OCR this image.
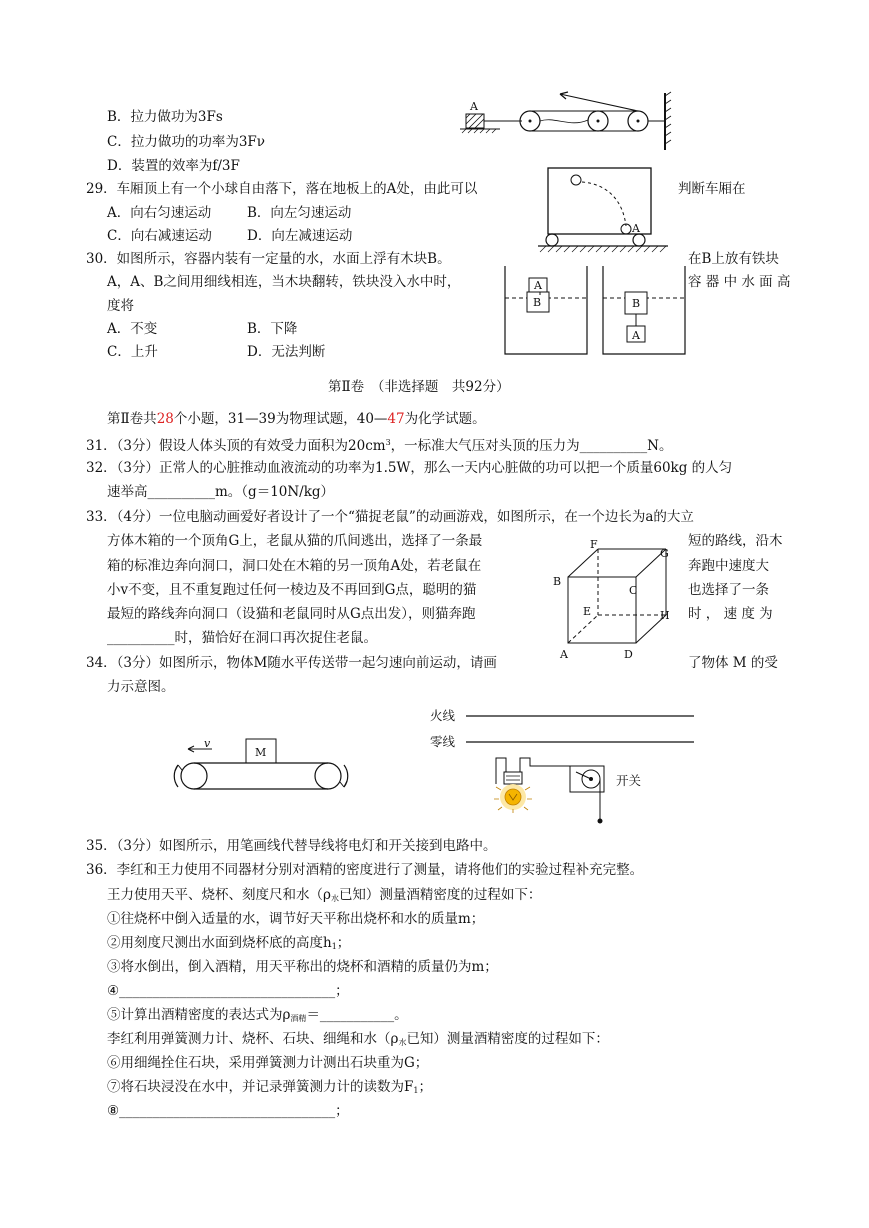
B．拉力做功为3Fs
C．拉力做功的功率为3Fν
D．装置的效率为f/3F
A
29．车厢顶上有一个小球自由落下，落在地板上的A处，由此可以	判断车厢在
A．向右匀速运动	B．向左匀速运动
C．向右减速运动	D．向左减速运动	A
30．如图所示，容器内装有一定量的水，水面上浮有木块B。	在B上放有铁块
A，A、B之间用细线相连，当木块翻转，铁块没入水中时，	容 器 中 水 面 高
度将
A．不变	B．下降
C．上升	D．无法判断
A
B	B
A
第Ⅱ卷　（非选择题　共92分）
第Ⅱ卷共28个小题，31—39为物理试题，40—47为化学试题。
31．（3分）假设人体头顶的有效受力面积为$20cm^3$，一标准大气压对头顶的压力为__________N。
32．（3分）正常人的心脏推动血液流动的功率为1.5W，那么一天内心脏做的功可以把一个质量60kg 的人匀
速举高__________m。（g＝10N/kg）
33．（4分）一位电脑动画爱好者设计了一个“猫捉老鼠”的动画游戏，如图所示，在一个边长为a的大立
方体木箱的一个顶角G上，老鼠从猫的爪间逃出，选择了一条最	短的路线，沿木
箱的标准边奔向洞口，洞口处在木箱的另一顶角A处，若老鼠在	奔跑中速度大
小v不变，且不重复跑过任何一棱边及不再回到G点，聪明的猫	也选择了一条
最短的路线奔向洞口（设猫和老鼠同时从G点出发），则猫奔跑	时 ， 速 度 为
__________时，猫恰好在洞口再次捉住老鼠。
F
G
B
C
E	H
A	D
34．（3分）如图所示，物体M随水平传送带一起匀速向前运动，请画	了物体 M 的受
力示意图。
M
v
火线
零线
开关
35．（3分）如图所示，用笔画线代替导线将电灯和开关接到电路中。
36．李红和王力使用不同器材分别对酒精的密度进行了测量，请将他们的实验过程补充完整。
王力使用天平、烧杯、刻度尺和水（$\rho_水$已知）测量酒精密度的过程如下：
①往烧杯中倒入适量的水，调节好天平称出烧杯和水的质量m；
②用刻度尺测出水面到烧杯底的高度$h_1$；
③将水倒出，倒入酒精，用天平称出的烧杯和酒精的质量仍为m；
④________________________________；
⑤计算出酒精密度的表达式为$\rho_{酒精}=\_\_\_\_\_\_\_\_\_\_\_$。
李红利用弹簧测力计、烧杯、石块、细绳和水（$\rho_水$已知）测量酒精密度的过程如下：
⑥用细绳拴住石块，采用弹簧测力计测出石块重为G；
⑦将石块浸没在水中，并记录弹簧测力计的读数为$F_1$；
⑧________________________________；
